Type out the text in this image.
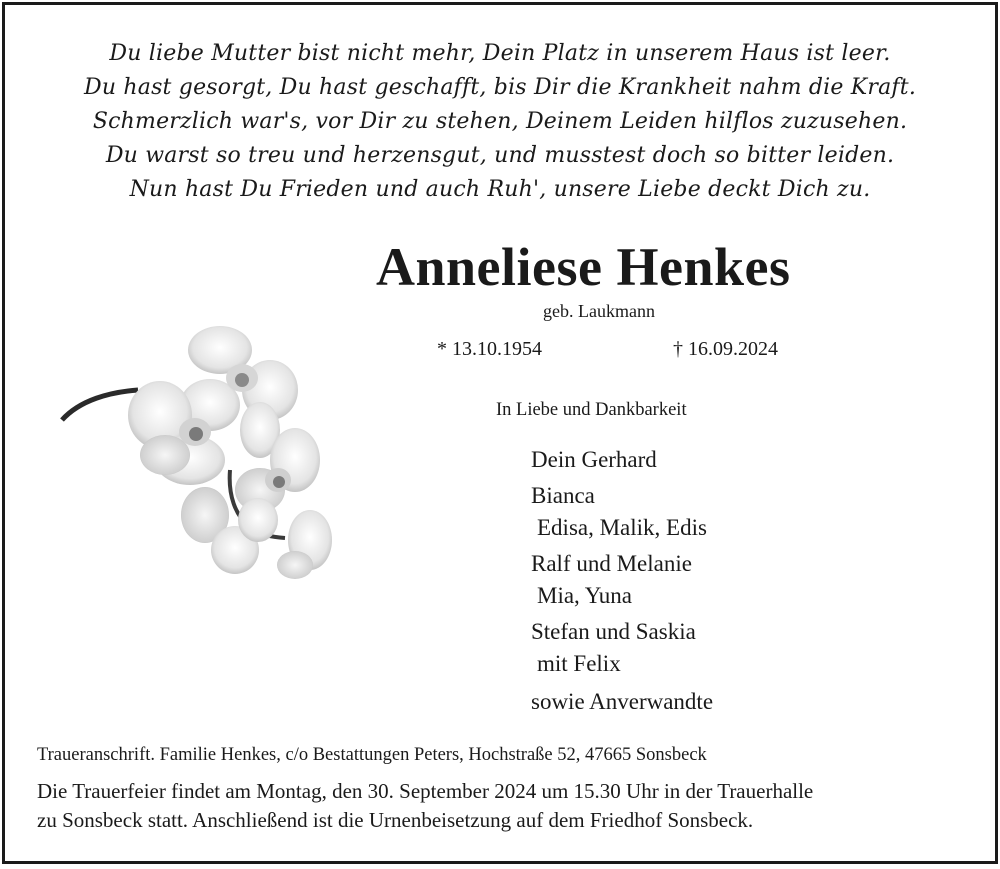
Du liebe Mutter bist nicht mehr, Dein Platz in unserem Haus ist leer.
Du hast gesorgt, Du hast geschafft, bis Dir die Krankheit nahm die Kraft.
Schmerzlich war's, vor Dir zu stehen, Deinem Leiden hilflos zuzusehen.
Du warst so treu und herzensgut, und musstest doch so bitter leiden.
Nun hast Du Frieden und auch Ruh', unsere Liebe deckt Dich zu.
Anneliese Henkes
geb. Laukmann
* 13.10.1954	† 16.09.2024
In Liebe und Dankbarkeit
Dein Gerhard
Bianca
Edisa, Malik, Edis
Ralf und Melanie
Mia, Yuna
Stefan und Saskia
mit Felix
sowie Anverwandte
Traueranschrift. Familie Henkes, c/o Bestattungen Peters, Hochstraße 52, 47665 Sonsbeck
Die Trauerfeier findet am Montag, den 30. September 2024 um 15.30 Uhr in der Trauerhalle
zu Sonsbeck statt. Anschließend ist die Urnenbeisetzung auf dem Friedhof Sonsbeck.
